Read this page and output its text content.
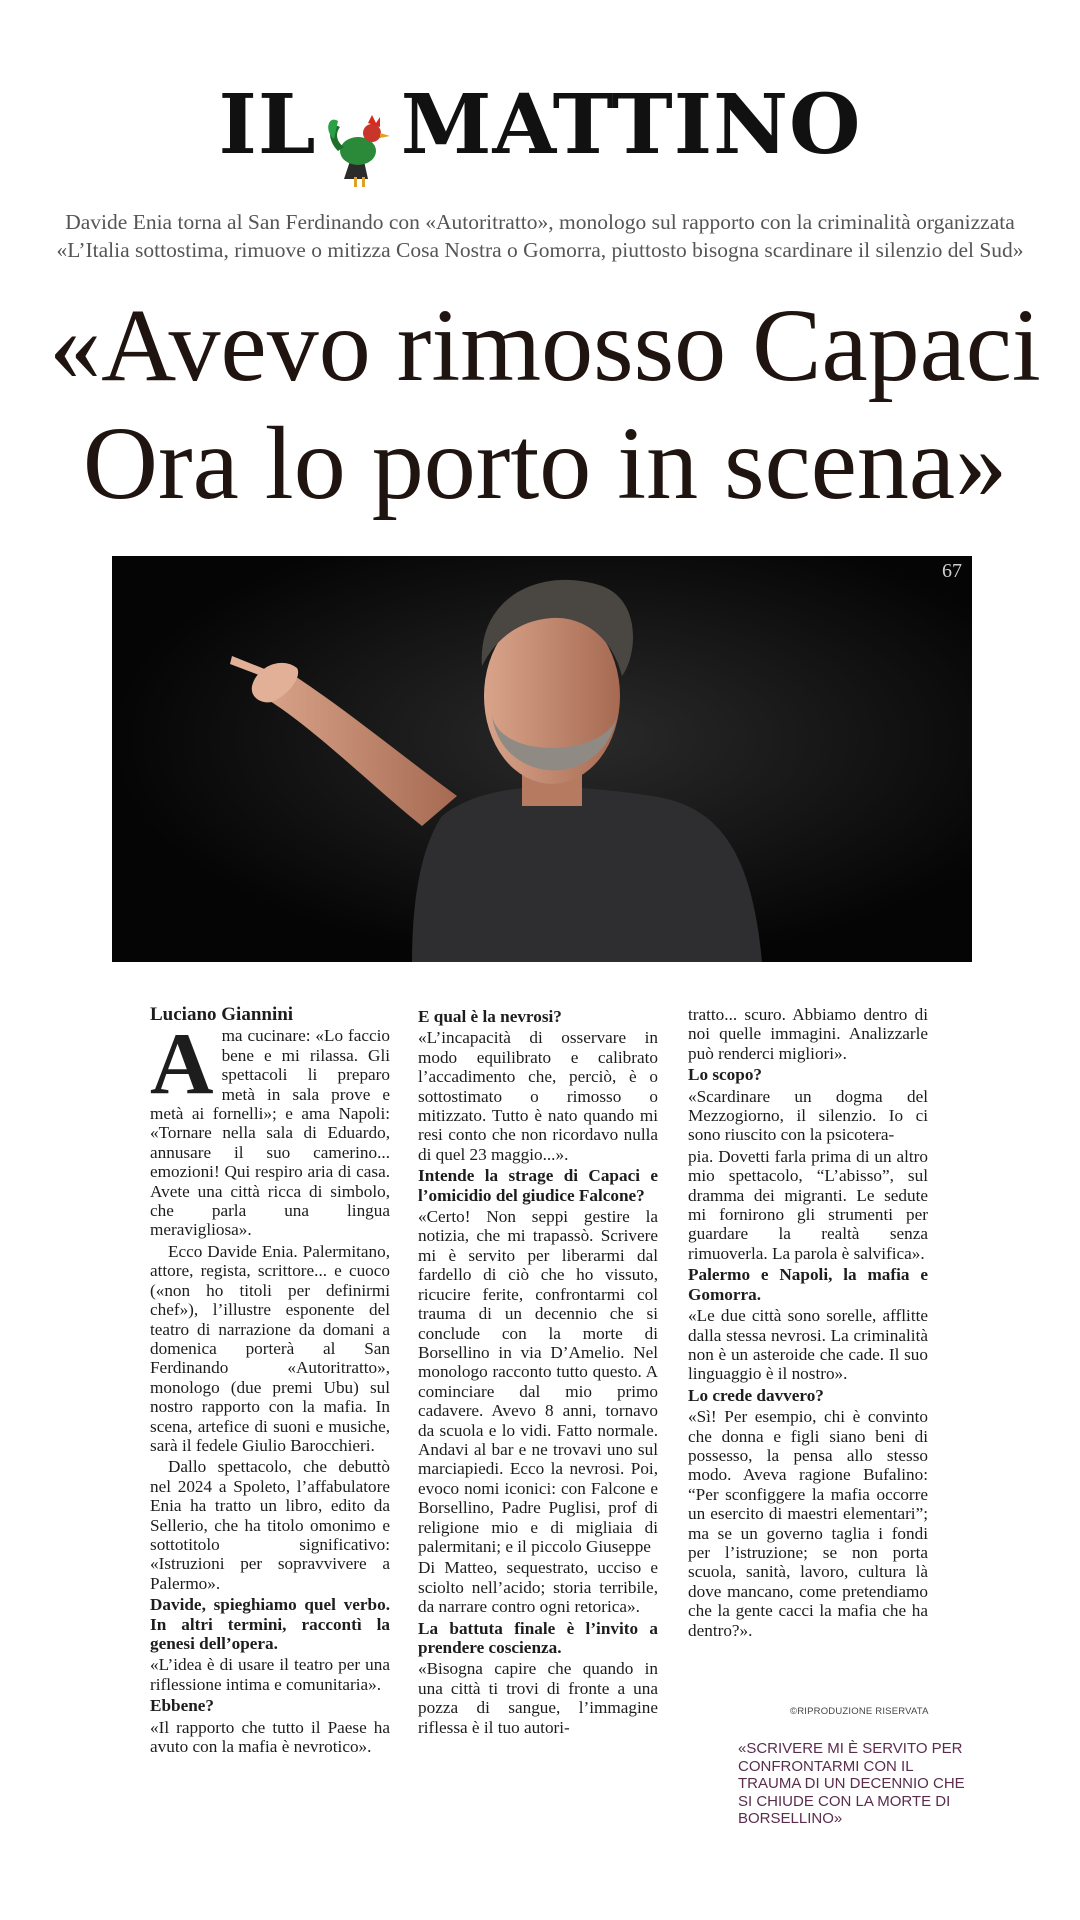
IL MATTINO
Davide Enia torna al San Ferdinando con «Autoritratto», monologo sul rapporto con la criminalità organizzata
«L’Italia sottostima, rimuove o mitizza Cosa Nostra o Gomorra, piuttosto bisogna scardinare il silenzio del Sud»
«Avevo rimosso Capaci
Ora lo porto in scena»
67

Luciano Giannini

Ama cucinare: «Lo faccio bene e mi rilassa. Gli spettacoli li preparo metà in sala prove e metà ai fornelli»; e ama Napoli: «Tornare nella sala di Eduardo, annusare il suo camerino... emozioni! Qui respiro aria di casa. Avete una città ricca di simbolo, che parla una lingua meravigliosa».

Ecco Davide Enia. Palermitano, attore, regista, scrittore... e cuoco («non ho titoli per definirmi chef»), l’illustre esponente del teatro di narrazione da domani a domenica porterà al San Ferdinando «Autoritratto», monologo (due premi Ubu) sul nostro rapporto con la mafia. In scena, artefice di suoni e musiche, sarà il fedele Giulio Barocchieri.

Dallo spettacolo, che debuttò nel 2024 a Spoleto, l’affabulatore Enia ha tratto un libro, edito da Sellerio, che ha titolo omonimo e sottotitolo significativo: «Istruzioni per sopravvivere a Palermo».

Davide, spieghiamo quel verbo. In altri termini, raccontì la genesi dell’opera.

«L’idea è di usare il teatro per una riflessione intima e comunitaria».

Ebbene?

«Il rapporto che tutto il Paese ha avuto con la mafia è nevrotico».

E qual è la nevrosi?

«L’incapacità di osservare in modo equilibrato e calibrato l’accadimento che, perciò, è o sottostimato o rimosso o mitizzato. Tutto è nato quando mi resi conto che non ricordavo nulla di quel 23 maggio...».

Intende la strage di Capaci e l’omicidio del giudice Falcone?

«Certo! Non seppi gestire la notizia, che mi trapassò. Scrivere mi è servito per liberarmi dal fardello di ciò che ho vissuto, ricucire ferite, confrontarmi col trauma di un decennio che si conclude con la morte di Borsellino in via D’Amelio. Nel monologo racconto tutto questo. A cominciare dal mio primo cadavere. Avevo 8 anni, tornavo da scuola e lo vidi. Fatto normale. Andavi al bar e ne trovavi uno sul marciapiedi. Ecco la nevrosi. Poi, evoco nomi iconici: con Falcone e Borsellino, Padre Puglisi, prof di religione mio e di migliaia di palermitani; e il piccolo Giuseppe

Di Matteo, sequestrato, ucciso e sciolto nell’acido; storia terribile, da narrare contro ogni retorica».

La battuta finale è l’invito a prendere coscienza.

«Bisogna capire che quando in una città ti trovi di fronte a una pozza di sangue, l’immagine riflessa è il tuo autori-

tratto... scuro. Abbiamo dentro di noi quelle immagini. Analizzarle può renderci migliori».

Lo scopo?

«Scardinare un dogma del Mezzogiorno, il silenzio. Io ci sono riuscito con la psicotera-

pia. Dovetti farla prima di un altro mio spettacolo, “L’abisso”, sul dramma dei migranti. Le sedute mi fornirono gli strumenti per guardare la realtà senza rimuoverla. La parola è salvifica».

Palermo e Napoli, la mafia e Gomorra.

«Le due città sono sorelle, afflitte dalla stessa nevrosi. La criminalità non è un asteroide che cade. Il suo linguaggio è il nostro».

Lo crede davvero?

«Sì! Per esempio, chi è convinto che donna e figli siano beni di possesso, la pensa allo stesso modo. Aveva ragione Bufalino: “Per sconfiggere la mafia occorre un esercito di maestri elementari”; ma se un governo taglia i fondi per l’istruzione; se non porta scuola, sanità, lavoro, cultura là dove mancano, come pretendiamo che la gente cacci la mafia che ha dentro?».

©RIPRODUZIONE RISERVATA
«SCRIVERE MI È SERVITO PER CONFRONTARMI CON IL TRAUMA DI UN DECENNIO CHE SI CHIUDE CON LA MORTE DI BORSELLINO»
